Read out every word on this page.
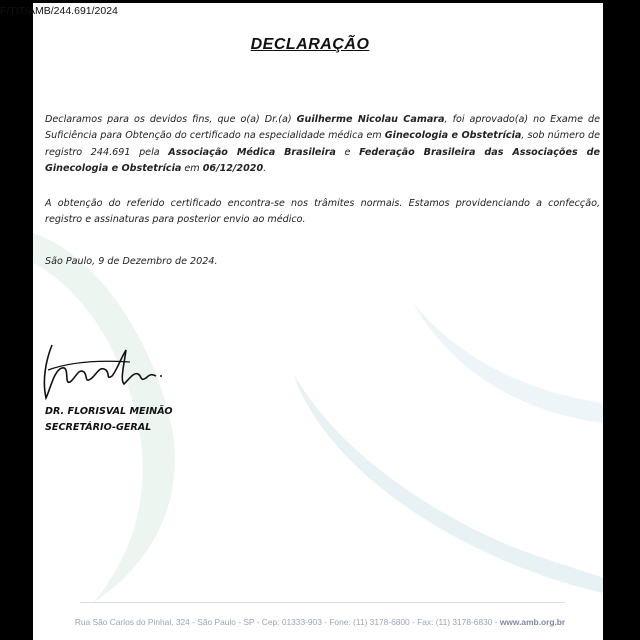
F/TIT/AMB/244.691/2024
DECLARAÇÃO
Declaramos para os devidos fins, que o(a) Dr.(a) Guilherme Nicolau Camara, foi aprovado(a) no Exame de Suficiência para Obtenção do certificado na especialidade médica em Ginecologia e Obstetrícia, sob número de registro 244.691 pela Associação Médica Brasileira e Federação Brasileira das Associações de Ginecologia e Obstetrícia em 06/12/2020.
A obtenção do referido certificado encontra-se nos trâmites normais. Estamos providenciando a confecção, registro e assinaturas para posterior envio ao médico.
São Paulo, 9 de Dezembro de 2024.
DR. FLORISVAL MEINÃO
SECRETÁRIO-GERAL
Rua São Carlos do Pinhal, 324 - São Paulo - SP - Cep: 01333-903 - Fone: (11) 3178-6800 - Fax: (11) 3178-6830 - www.amb.org.br
